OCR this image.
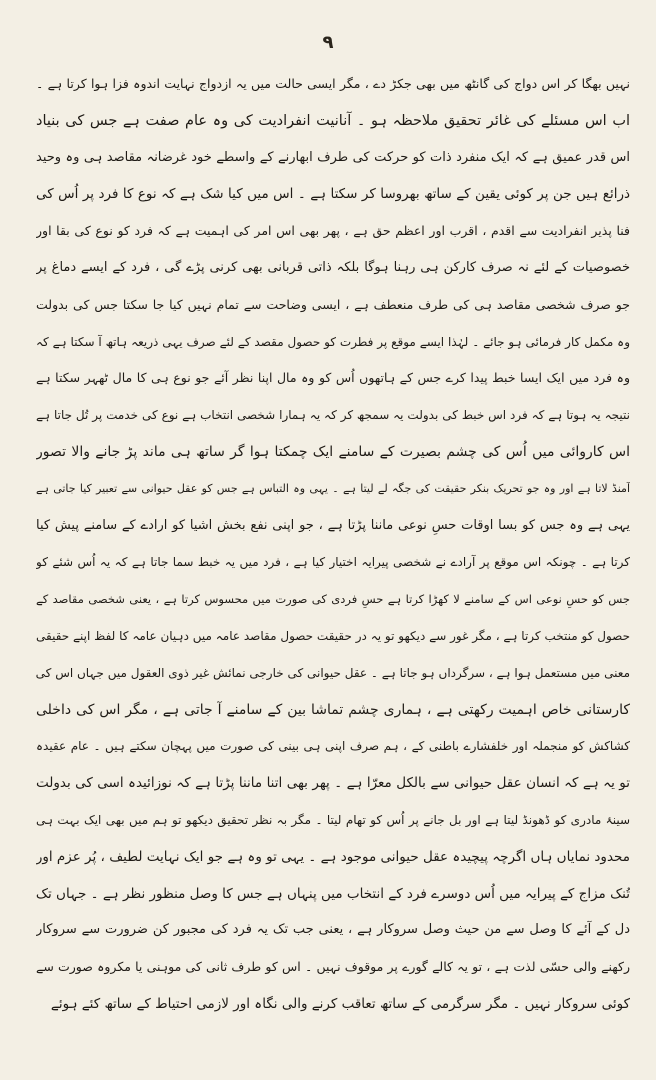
۹
نہیں بھگا کر اس دواج کی گانٹھ میں بھی جکڑ دے ، مگر ایسی حالت میں یہ ازدواج نہایت اندوہ فزا ہوا کرتا ہے ۔
اب اس مسئلے کی غائر تحقیق ملاحظہ ہو ۔ آنانیت انفرادیت کی وہ عام صفت ہے جس کی بنیاد
اس قدر عمیق ہے کہ ایک منفرد ذات کو حرکت کی طرف ابھارنے کے واسطے خود غرضانہ مقاصد ہی وہ وحید
ذرائع ہیں جن پر کوئی یقین کے ساتھ بھروسا کر سکتا ہے ۔ اس میں کیا شک ہے کہ نوع کا فرد پر اُس کی
فنا پذیر انفرادیت سے اقدم ، اقرب اور اعظم حق ہے ، پھر بھی اس امر کی اہمیت ہے کہ فرد کو نوع کی بقا اور
خصوصیات کے لئے نہ صرف کارکن ہی رہنا ہوگا بلکہ ذاتی قربانی بھی کرنی پڑے گی ، فرد کے ایسے دماغ پر
جو صرف شخصی مقاصد ہی کی طرف منعطف ہے ، ایسی وضاحت سے تمام نہیں کیا جا سکتا جس کی بدولت
وہ مکمل کار فرمائی ہو جائے ۔ لہٰذا ایسے موقع پر فطرت کو حصول مقصد کے لئے صرف یہی ذریعہ ہاتھ آ سکتا ہے کہ
وہ فرد میں ایک ایسا خبط پیدا کرے جس کے ہاتھوں اُس کو وہ مال اپنا نظر آئے جو نوع ہی کا مال ٹھہر سکتا ہے
نتیجہ یہ ہوتا ہے کہ فرد اس خبط کی بدولت یہ سمجھ کر کہ یہ ہمارا شخصی انتخاب ہے نوع کی خدمت پر تُل جاتا ہے
اس کاروائی میں اُس کی چشم بصیرت کے سامنے ایک چمکتا ہوا گر ساتھ ہی ماند پڑ جانے والا تصور
آمنڈ لاتا ہے اور وہ جو تحریک بنکر حقیقت کی جگہ لے لیتا ہے ۔ یہی وہ التباس ہے جس کو عقل حیوانی سے تعبیر کیا جاتی ہے
یہی ہے وہ جس کو بسا اوقات حسِ نوعی ماننا پڑتا ہے ، جو اپنی نفع بخش اشیا کو ارادے کے سامنے پیش کیا
کرتا ہے ۔ چونکہ اس موقع پر آرادے نے شخصی پیرایہ اختیار کیا ہے ، فرد میں یہ خبط سما جاتا ہے کہ یہ اُس شئے کو
جس کو حسِ نوعی اس کے سامنے لا کھڑا کرتا ہے حسِ فردی کی صورت میں محسوس کرتا ہے ، یعنی شخصی مقاصد کے
حصول کو منتخب کرتا ہے ، مگر غور سے دیکھو تو یہ در حقیقت حصول مقاصد عامہ میں دہیان عامہ کا لفظ اپنے حقیقی
معنی میں مستعمل ہوا ہے ، سرگرداں ہو جاتا ہے ۔ عقل حیوانی کی خارجی نمائش غیر ذوی العقول میں جہاں اس کی
کارستانی خاص اہمیت رکھتی ہے ، ہماری چشم تماشا بین کے سامنے آ جاتی ہے ، مگر اس کی داخلی
کشاکش کو منجملہ اور خلفشارے باطنی کے ، ہم صرف اپنی ہی بینی کی صورت میں پہچان سکتے ہیں ۔ عام عقیدہ
تو یہ ہے کہ انسان عقل حیوانی سے بالکل معرّا ہے ۔ پھر بھی اتنا ماننا پڑتا ہے کہ نوزائیدہ اسی کی بدولت
سینۂ مادری کو ڈھونڈ لیتا ہے اور بل جانے پر اُس کو تھام لیتا ۔ مگر بہ نظر تحقیق دیکھو تو ہم میں بھی ایک بہت ہی
محدود نمایاں ہاں اگرچہ پیچیدہ عقل حیوانی موجود ہے ۔ یہی تو وہ ہے جو ایک نہایت لطیف ، پُر عزم اور
تُنک مزاج کے پیرایہ میں اُس دوسرے فرد کے انتخاب میں پنہاں ہے جس کا وصل منظور نظر ہے ۔ جہاں تک
دل کے آئے کا وصل سے من حیث وصل سروکار ہے ، یعنی جب تک یہ فرد کی مجبور کن ضرورت سے سروکار
رکھنے والی حسّی لذت ہے ، تو یہ کالے گورے پر موقوف نہیں ۔ اس کو طرف ثانی کی موہنی یا مکروہ صورت سے
کوئی سروکار نہیں ۔ مگر سرگرمی کے ساتھ تعاقب کرنے والی نگاہ اور لازمی احتیاط کے ساتھ کئے ہوئے
